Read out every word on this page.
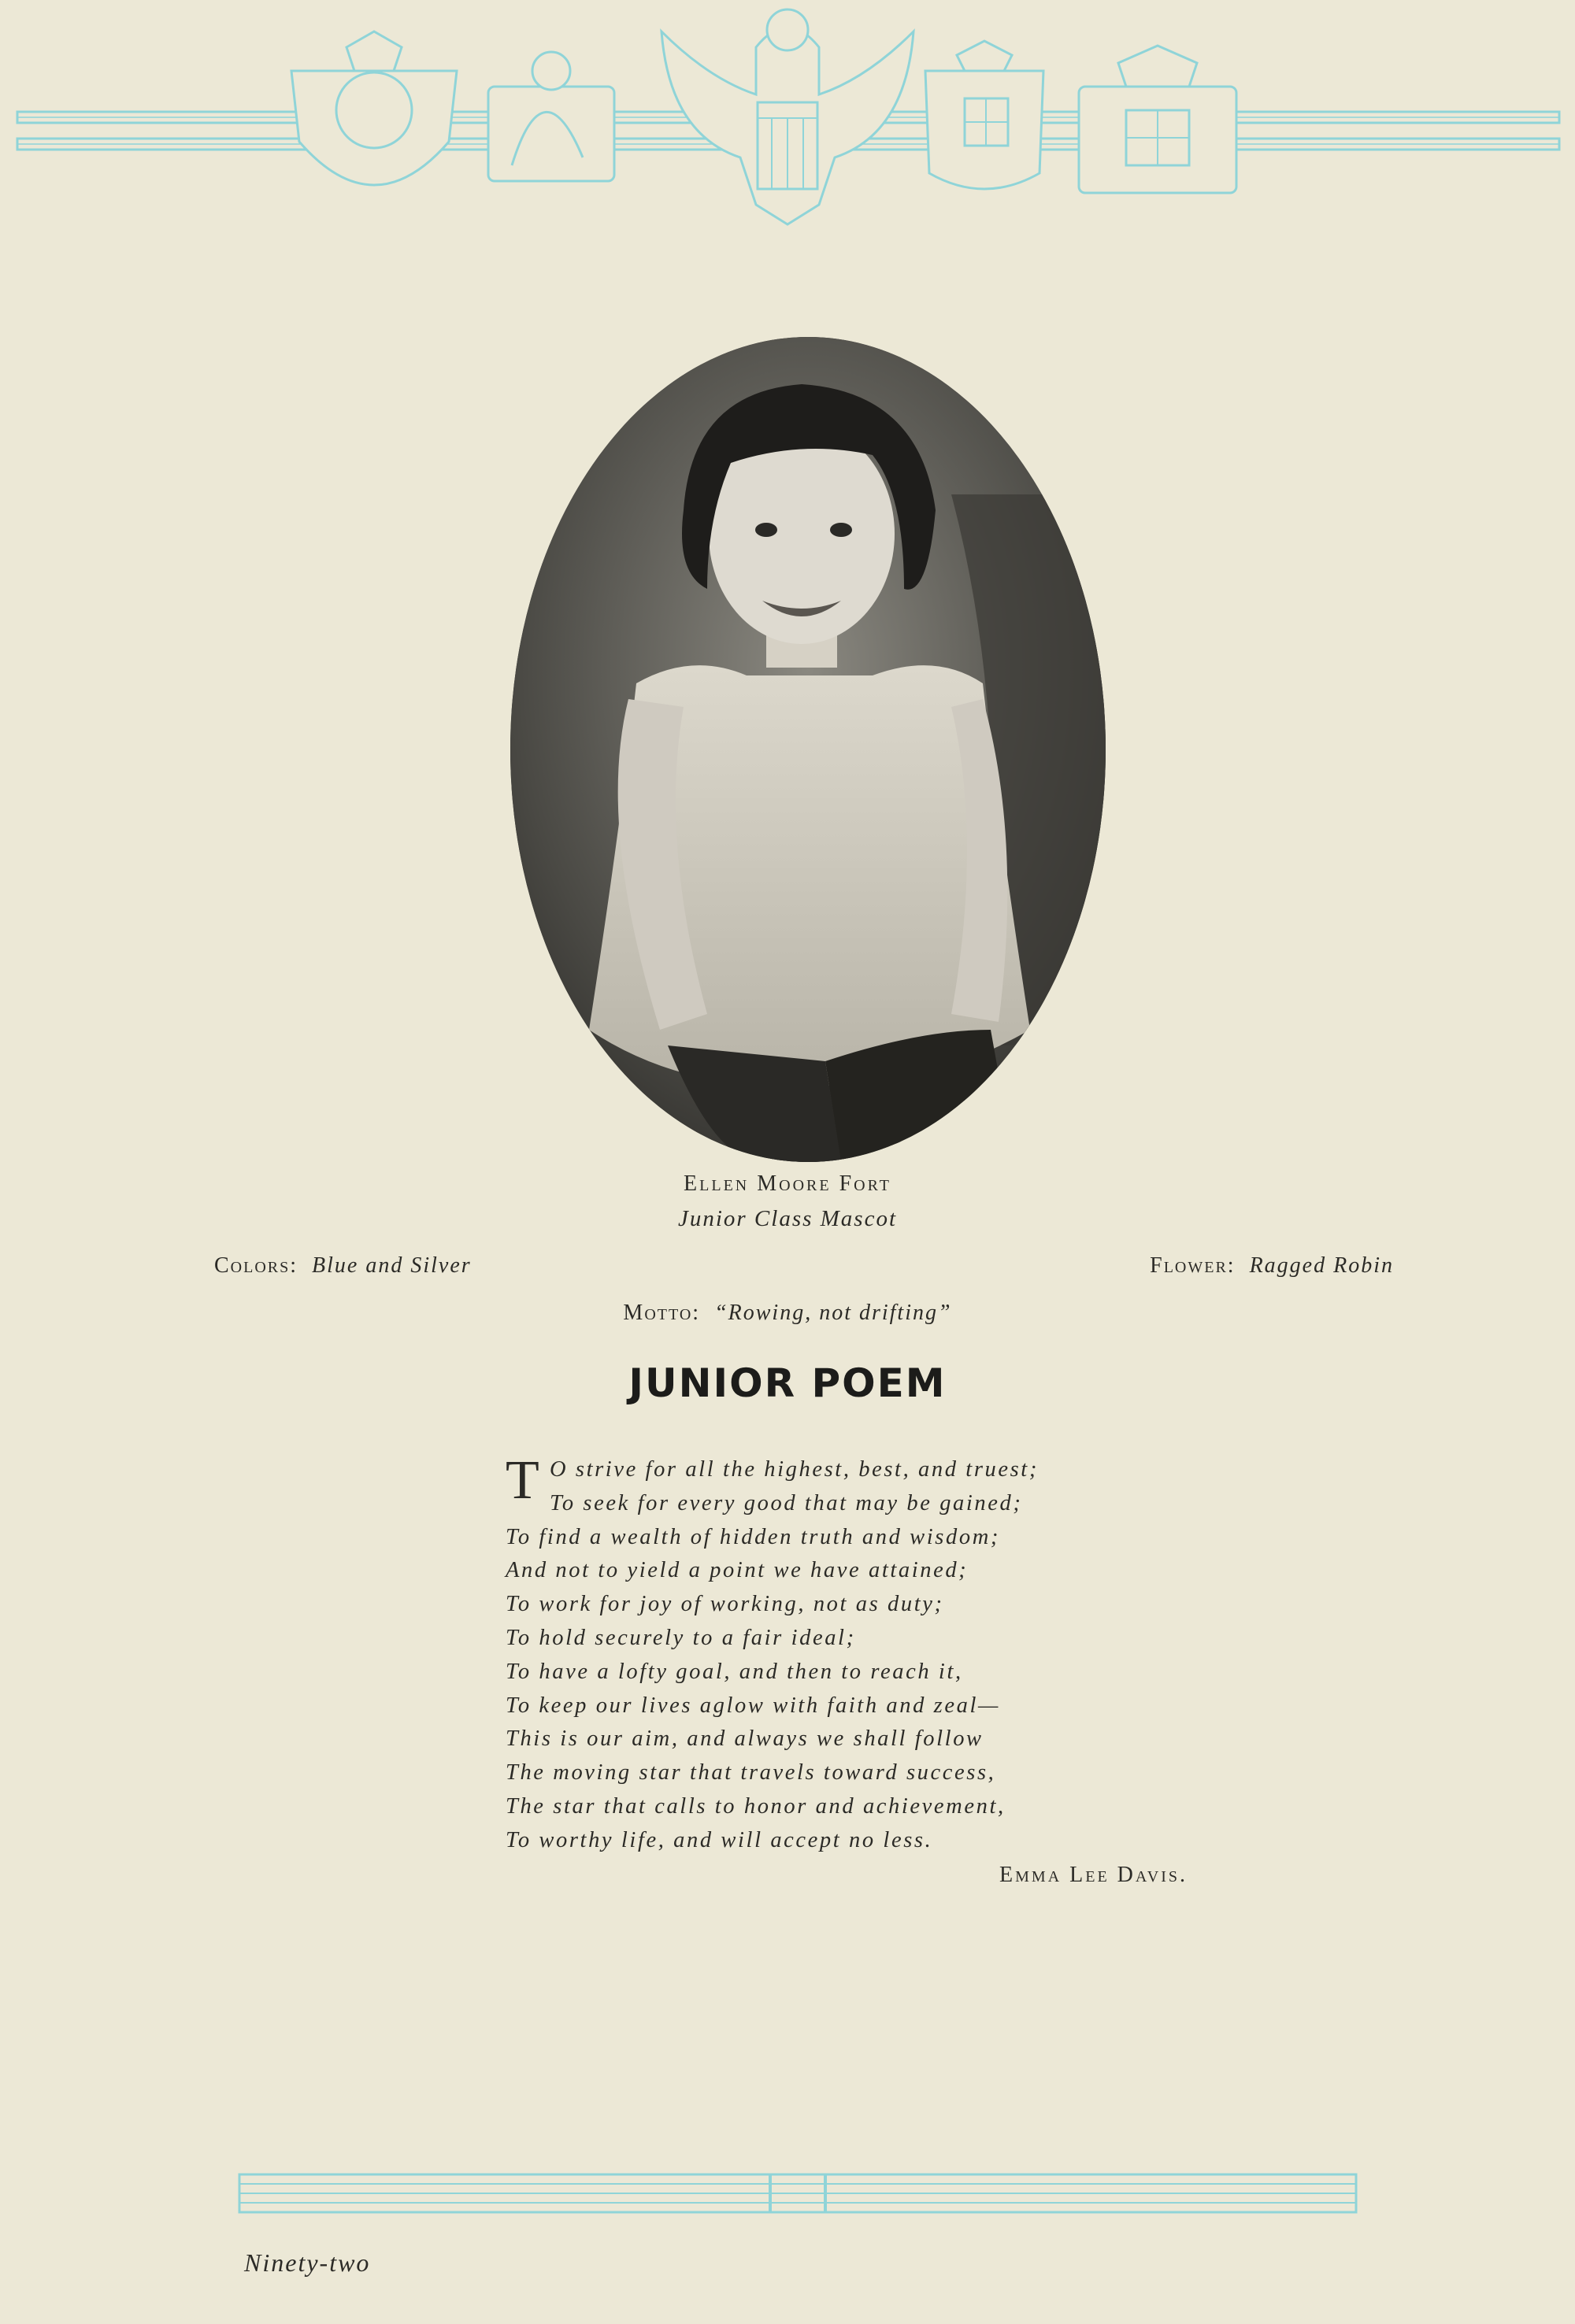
Ellen Moore Fort
Junior Class Mascot
Colors: Blue and Silver	Flower: Ragged Robin
Motto: “Rowing, not drifting”
JUNIOR POEM
T O strive for all the highest, best, and truest;
To seek for every good that may be gained;
To find a wealth of hidden truth and wisdom;
And not to yield a point we have attained;
To work for joy of working, not as duty;
To hold securely to a fair ideal;
To have a lofty goal, and then to reach it,
To keep our lives aglow with faith and zeal—
This is our aim, and always we shall follow
The moving star that travels toward success,
The star that calls to honor and achievement,
To worthy life, and will accept no less.
Emma Lee Davis.
Ninety-two
